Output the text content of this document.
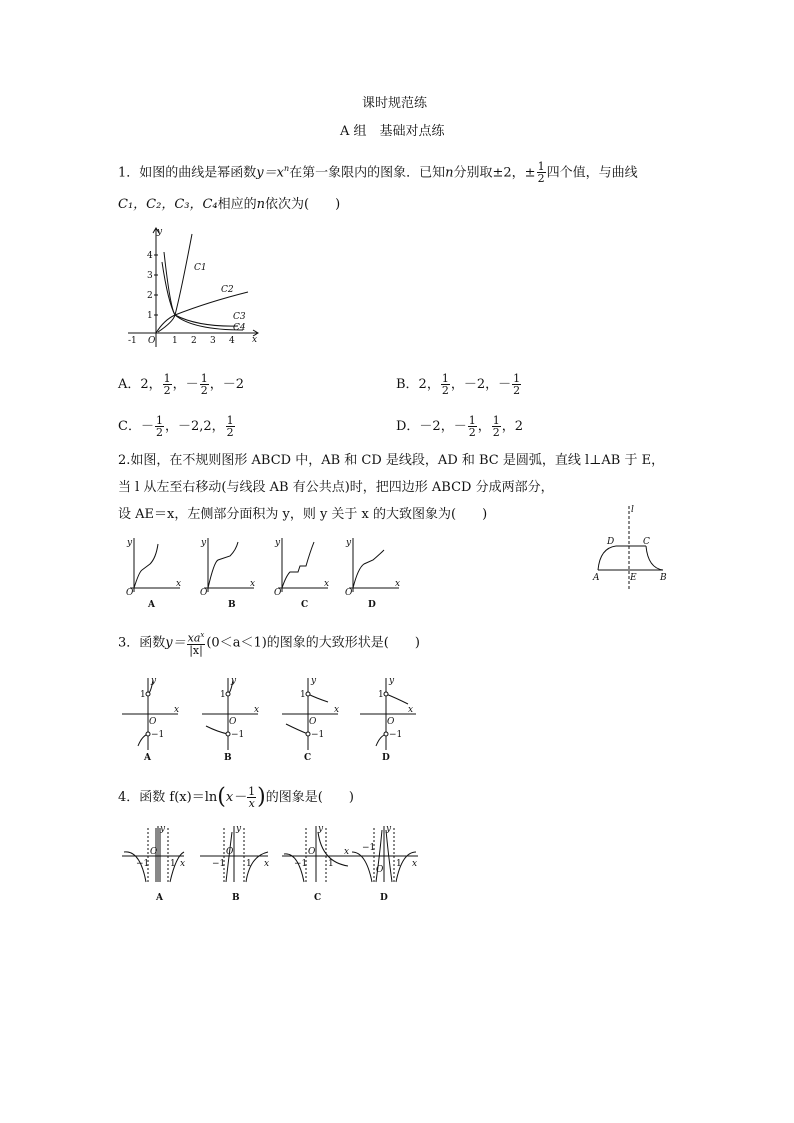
课时规范练
A 组　基础对点练
1．如图的曲线是幂函数$y=x^n$在第一象限内的图象．已知n分别取±2，± $\frac{1}{2}$ 四个值，与曲线
C₁，C₂，C₃，C₄相应的n依次为(　　)
y
x
O
1
2
3
4
-1	1 2 3 4
C1
C2
C3
C4
A．2， $\frac{1}{2}$ ，－ $\frac{1}{2}$ ，－2	B．2， $\frac{1}{2}$ ，－2，－ $\frac{1}{2}$
C．－ $\frac{1}{2}$ ，－2,2， $\frac{1}{2}$	D．－2，－ $\frac{1}{2}$ ， $\frac{1}{2}$ ，2
2.如图，在不规则图形 ABCD 中，AB 和 CD 是线段，AD 和 BC 是圆弧，直线 l⊥AB 于 E，
当 l 从左至右移动(与线段 AB 有公共点)时，把四边形 ABCD 分成两部分，
设 AE＝x，左侧部分面积为 y，则 y 关于 x 的大致图象为(　　)
y
x
O
y
x
O
y
x
O
y
x
O
A	B	C	D
l
D	C
A	E	B
3．函数$y= \frac{xa^x}{|x|} (0<a<1)$的图象的大致形状是(　　)
y
x
1
O
−1
y
x
1
O
−1
y
x
1
O
−1
y
x
1
O
−1
A	B	C	D
4．函数 $f(x)=\ln(x- \frac{1}{x}$ )的图象是(　　)
y
x
−1
O
1
y
x
−1
O
1
y
x
−1
O
1
y
x
−1
O
1
A	B	C	D
